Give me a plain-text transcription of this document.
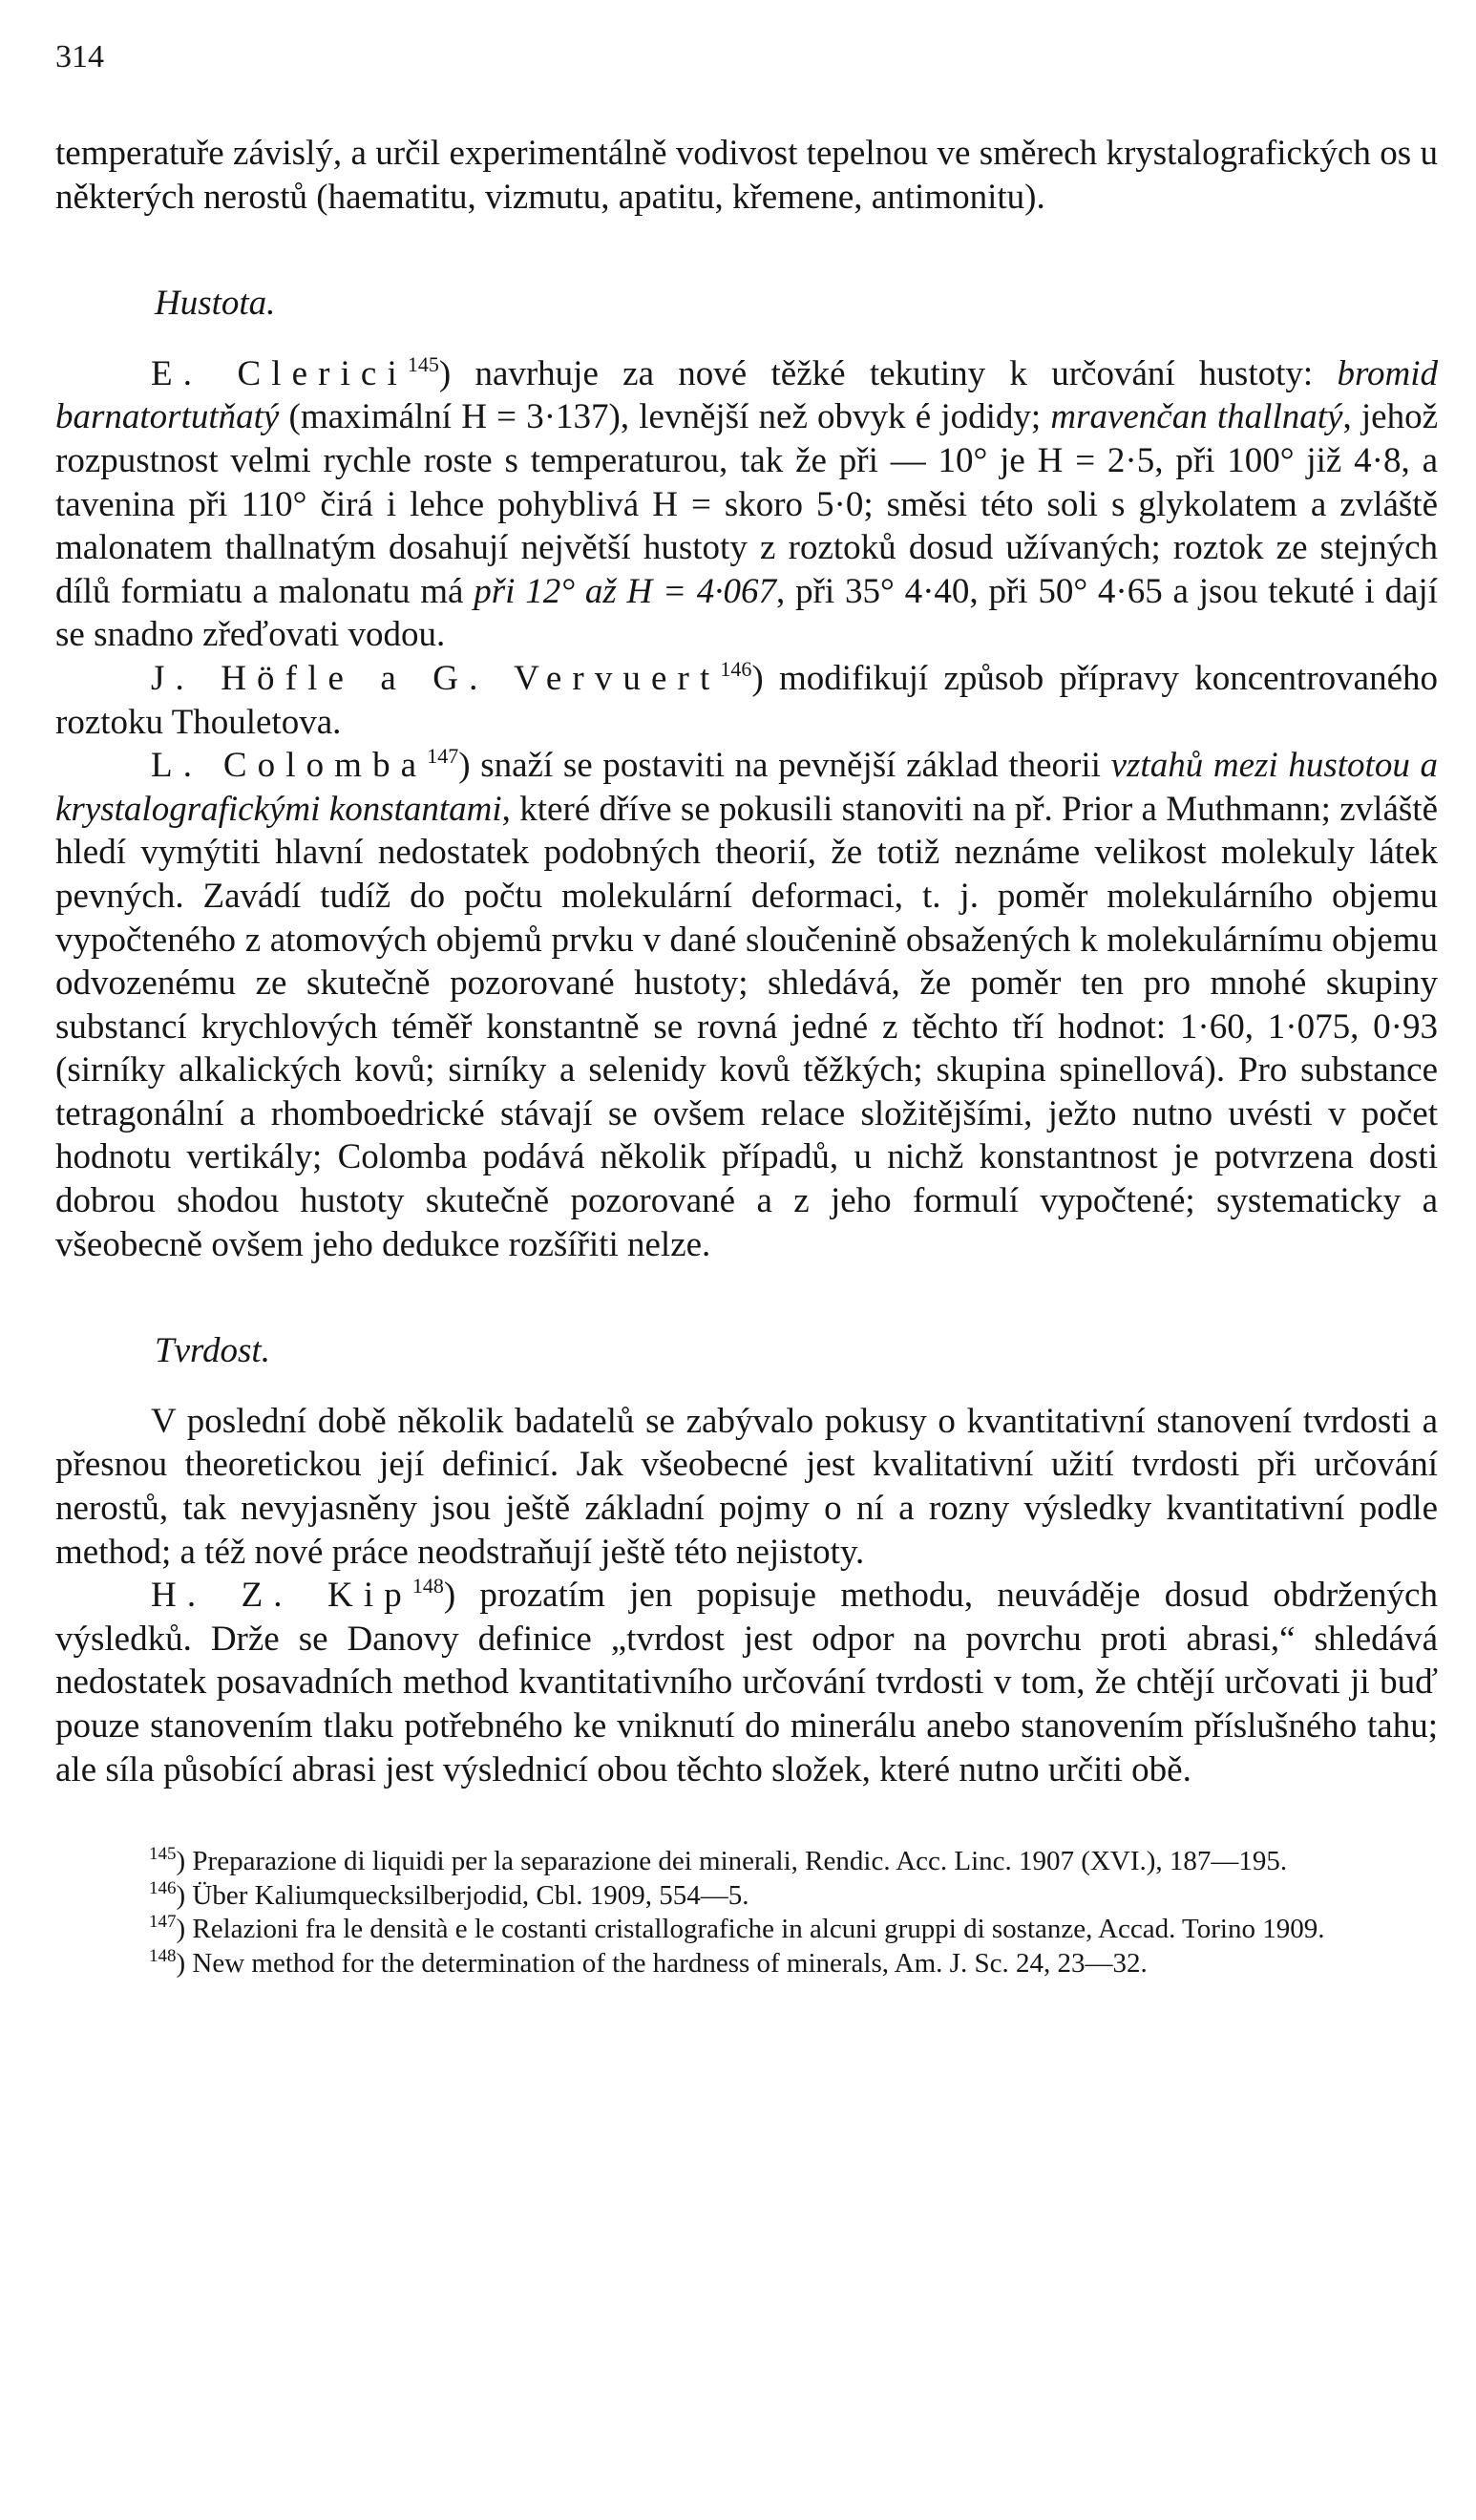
314

temperatuře závislý, a určil experimentálně vodivost tepelnou ve směrech krystalografických os u některých nerostů (haematitu, vizmutu, apatitu, křemene, antimonitu).

Hustota.

E. Clerici$^{145}$) navrhuje za nové těžké tekutiny k určování hustoty: bromid barnatortutňatý (maximální H = 3·137), levnější než obvyk é jodidy; mravenčan thallnatý, jehož rozpustnost velmi rychle roste s temperaturou, tak že při — 10° je H = 2·5, při 100° již 4·8, a tavenina při 110° čirá i lehce pohyblivá H = skoro 5·0; směsi této soli s glykolatem a zvláště malonatem thallnatým dosahují největší hustoty z roztoků dosud užívaných; roztok ze stejných dílů formiatu a malonatu má při 12° až H = 4·067, při 35° 4·40, při 50° 4·65 a jsou tekuté i dají se snadno zřeďovati vodou.

J. Höfle a G. Vervuert$^{146}$) modifikují způsob přípravy koncentrovaného roztoku Thouletova.

L. Colomba$^{147}$) snaží se postaviti na pevnější základ theorii vztahů mezi hustotou a krystalografickými konstantami, které dříve se pokusili stanoviti na př. Prior a Muthmann; zvláště hledí vymýtiti hlavní nedostatek podobných theorií, že totiž neznáme velikost molekuly látek pevných. Zavádí tudíž do počtu molekulární deformaci, t. j. poměr molekulárního objemu vypočteného z atomových objemů prvku v dané sloučenině obsažených k molekulárnímu objemu odvozenému ze skutečně pozorované hustoty; shledává, že poměr ten pro mnohé skupiny substancí krychlových téměř konstantně se rovná jedné z těchto tří hodnot: 1·60, 1·075, 0·93 (sirníky alkalických kovů; sirníky a selenidy kovů těžkých; skupina spinellová). Pro substance tetragonální a rhomboedrické stávají se ovšem relace složitějšími, ježto nutno uvésti v počet hodnotu vertikály; Colomba podává několik případů, u nichž konstantnost je potvrzena dosti dobrou shodou hustoty skutečně pozorované a z jeho formulí vypočtené; systematicky a všeobecně ovšem jeho dedukce rozšířiti nelze.

Tvrdost.

V poslední době několik badatelů se zabývalo pokusy o kvantitativní stanovení tvrdosti a přesnou theoretickou její definicí. Jak všeobecné jest kvalitativní užití tvrdosti při určování nerostů, tak nevyjasněny jsou ještě základní pojmy o ní a rozny výsledky kvantitativní podle method; a též nové práce neodstraňují ještě této nejistoty.

H. Z. Kip$^{148}$) prozatím jen popisuje methodu, neuváděje dosud obdržených výsledků. Drže se Danovy definice „tvrdost jest odpor na povrchu proti abrasi,“ shledává nedostatek posavadních method kvantitativního určování tvrdosti v tom, že chtějí určovati ji buď pouze stanovením tlaku potřebného ke vniknutí do minerálu anebo stanovením příslušného tahu; ale síla působící abrasi jest výslednicí obou těchto složek, které nutno určiti obě.

$^{145}$) Preparazione di liquidi per la separazione dei minerali, Rendic. Acc. Linc. 1907 (XVI.), 187—195.

$^{146}$) Über Kaliumquecksilberjodid, Cbl. 1909, 554—5.

$^{147}$) Relazioni fra le densità e le costanti cristallografiche in alcuni gruppi di sostanze, Accad. Torino 1909.

$^{148}$) New method for the determination of the hardness of minerals, Am. J. Sc. 24, 23—32.
